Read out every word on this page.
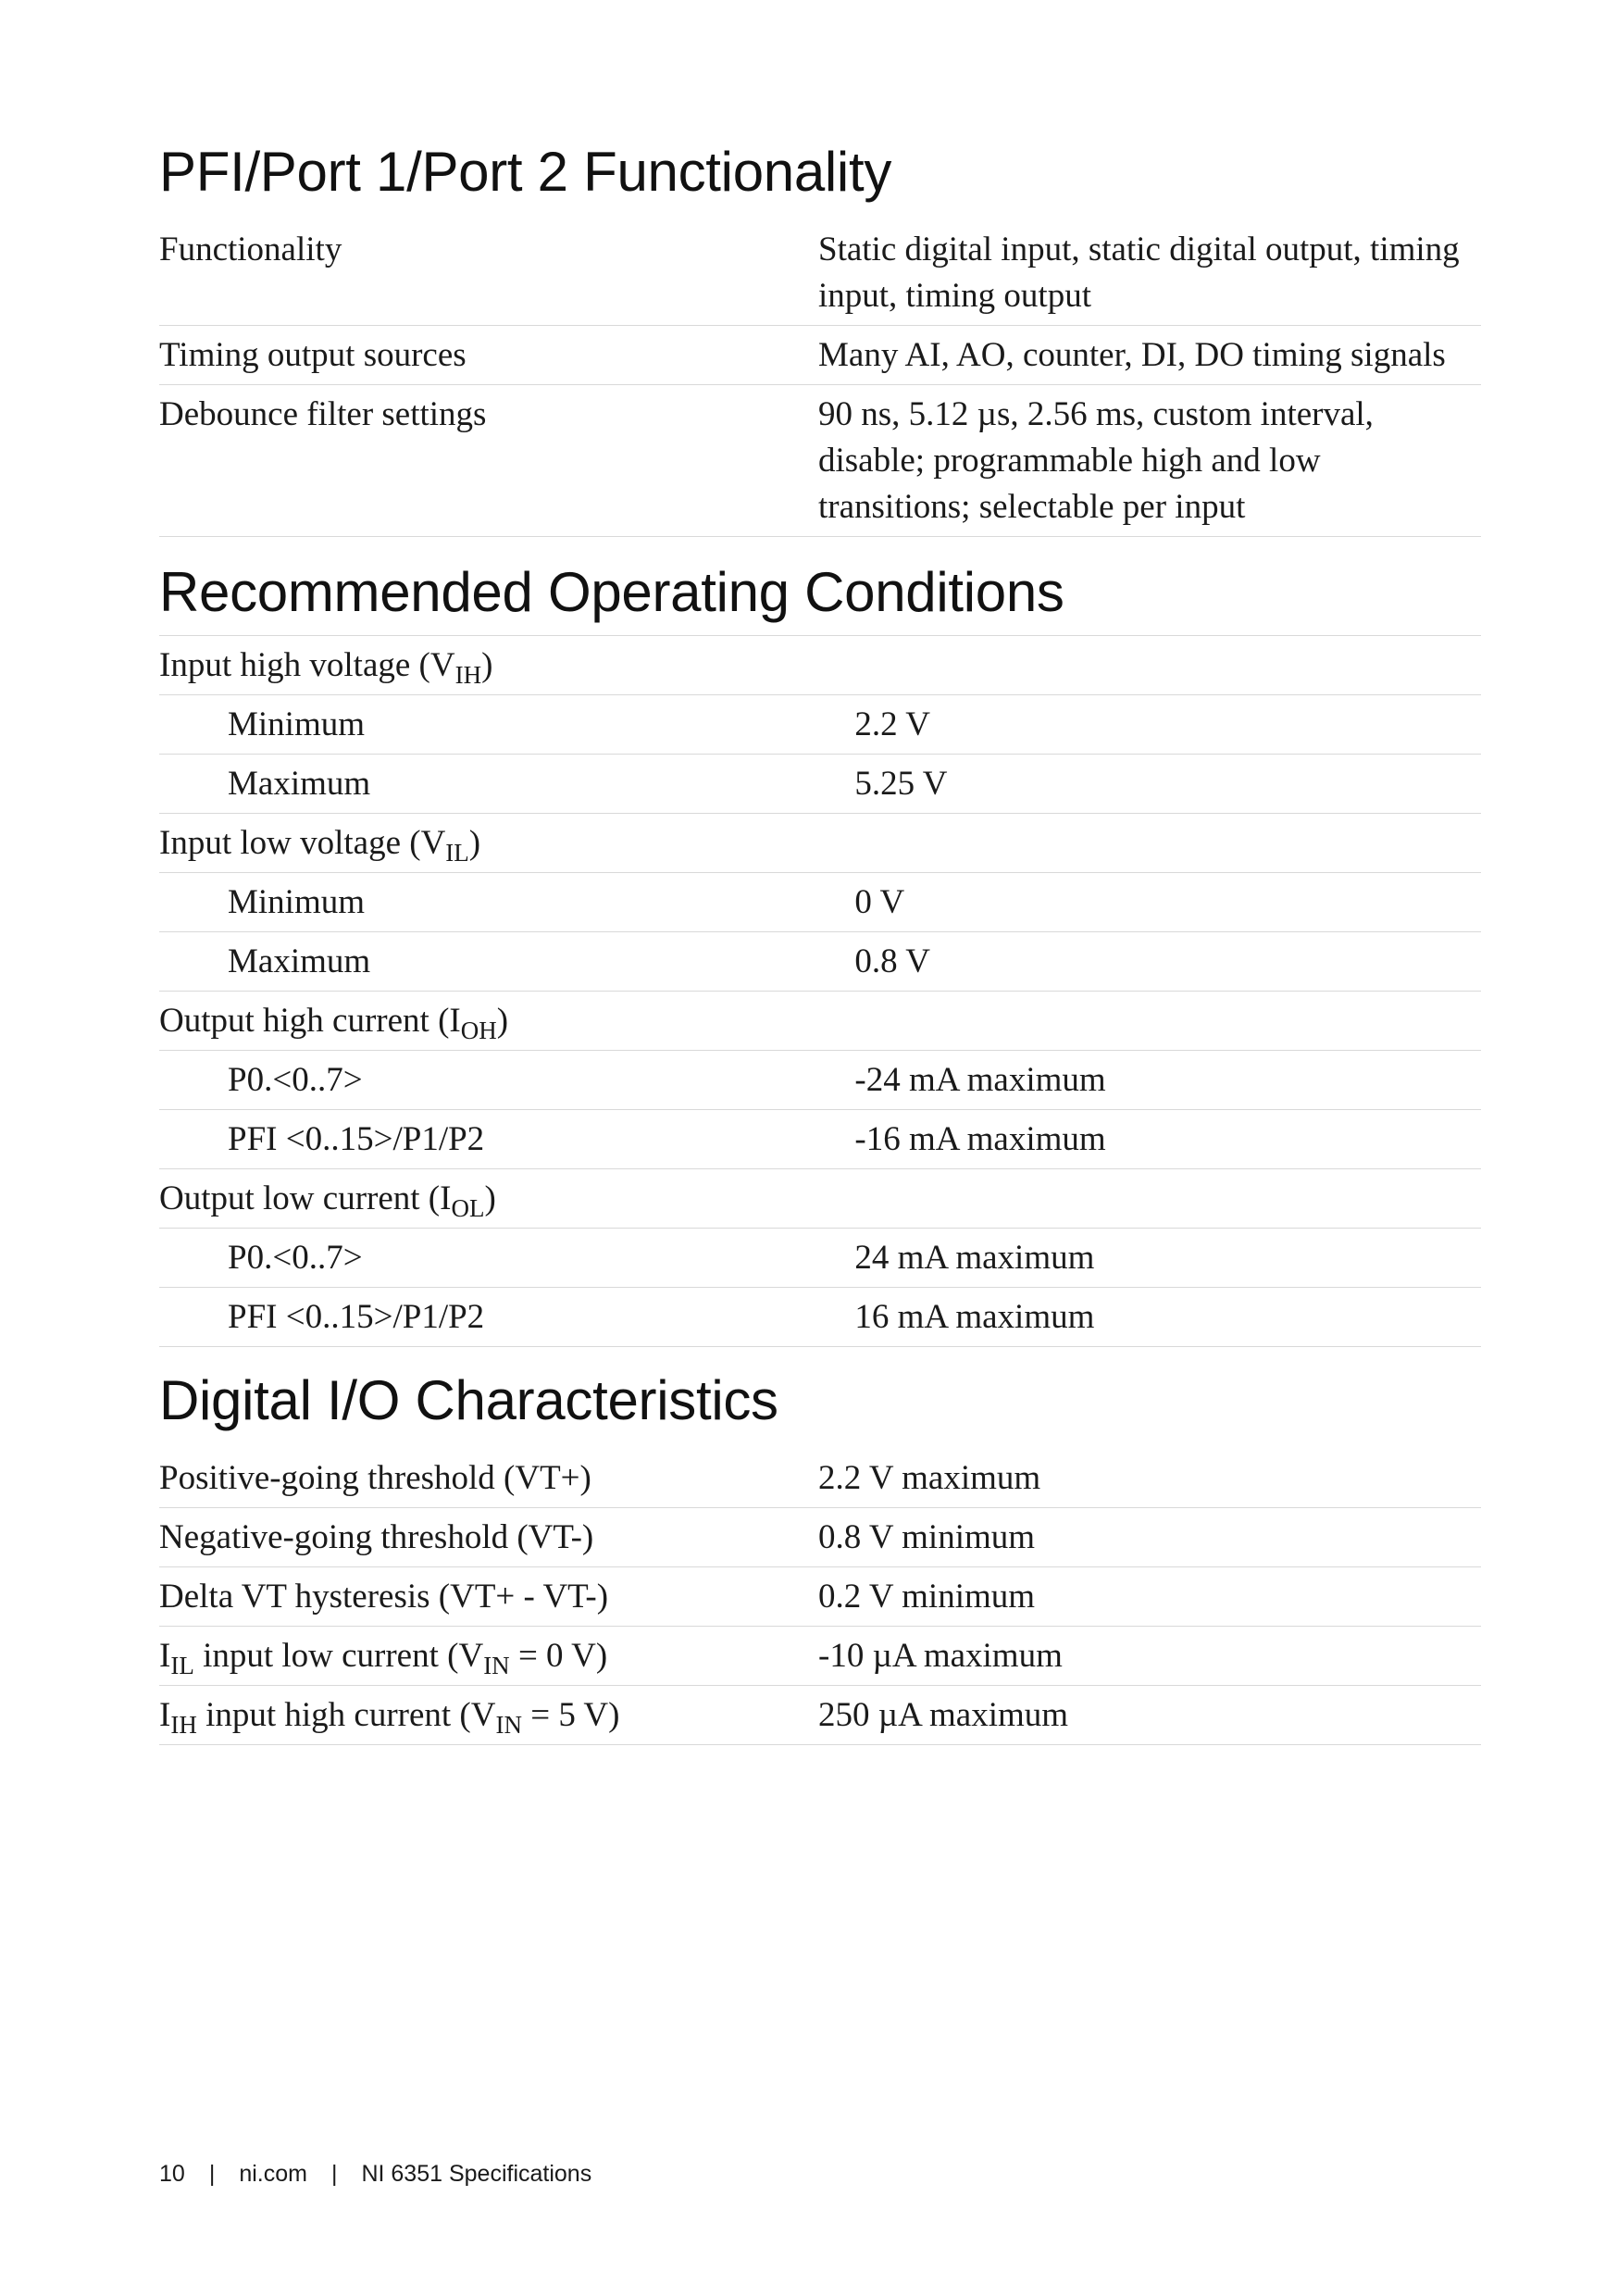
PFI/Port 1/Port 2 Functionality
Functionality	Static digital input, static digital output, timing input, timing output
Timing output sources	Many AI, AO, counter, DI, DO timing signals
Debounce filter settings	90 ns, 5.12 µs, 2.56 ms, custom interval, disable; programmable high and low transitions; selectable per input
Recommended Operating Conditions
Input high voltage $(V_{IH})$	
Minimum	2.2 V
Maximum	5.25 V
Input low voltage $(V_{IL})$	
Minimum	0 V
Maximum	0.8 V
Output high current $(I_{OH})$	
P0.<0..7>	-24 mA maximum
PFI <0..15>/P1/P2	-16 mA maximum
Output low current $(I_{OL})$	
P0.<0..7>	24 mA maximum
PFI <0..15>/P1/P2	16 mA maximum
Digital I/O Characteristics
Positive-going threshold (VT+)	2.2 V maximum
Negative-going threshold (VT-)	0.8 V minimum
Delta VT hysteresis (VT+ - VT-)	0.2 V minimum
$I_{IL}$ input low current ($V_{IN} = 0$ V)	-10 µA maximum
$I_{IH}$ input high current ($V_{IN} = 5$ V)	250 µA maximum
10 | ni.com | NI 6351 Specifications
